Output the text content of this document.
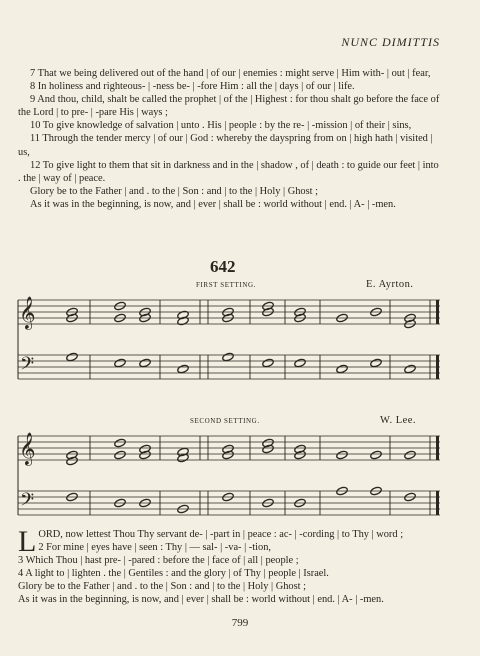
NUNC DIMITTIS

7 That we being delivered out of the hand | of our | enemies : might serve | Him with- | out | fear,

8 In holiness and righteous- | -ness be- | -fore Him : all the | days | of our | life.

9 And thou, child, shalt be called the prophet | of the | Highest : for thou shalt go before the face of the Lord | to pre- | -pare His | ways ;

10 To give knowledge of salvation | unto . His | people : by the re- | -mission | of their | sins,

11 Through the tender mercy | of our | God : whereby the dayspring from on | high hath | visited | us,

12 To give light to them that sit in darkness and in the | shadow , of | death : to guide our feet | into . the | way of | peace.

Glory be to the Father | and . to the | Son : and | to the | Holy | Ghost ;

As it was in the beginning, is now, and | ever | shall be : world without | end. | A- | -men.

642
FIRST SETTING.	E. Ayrton.
SECOND SETTING.	W. Lee.
𝄞
𝄢
𝄞
𝄢
L ORD, now lettest Thou Thy servant de- | -part in | peace : ac- | -cording | to Thy | word ;

2 For mine | eyes have | seen : Thy | — sal- | -va- | -tion,

3 Which Thou | hast pre- | -pared : before the | face of | all | people ;

4 A light to | lighten . the | Gentiles : and the glory | of Thy | people | Israel.

Glory be to the Father | and . to the | Son : and | to the | Holy | Ghost ;

As it was in the beginning, is now, and | ever | shall be : world without | end. | A- | -men.

799
